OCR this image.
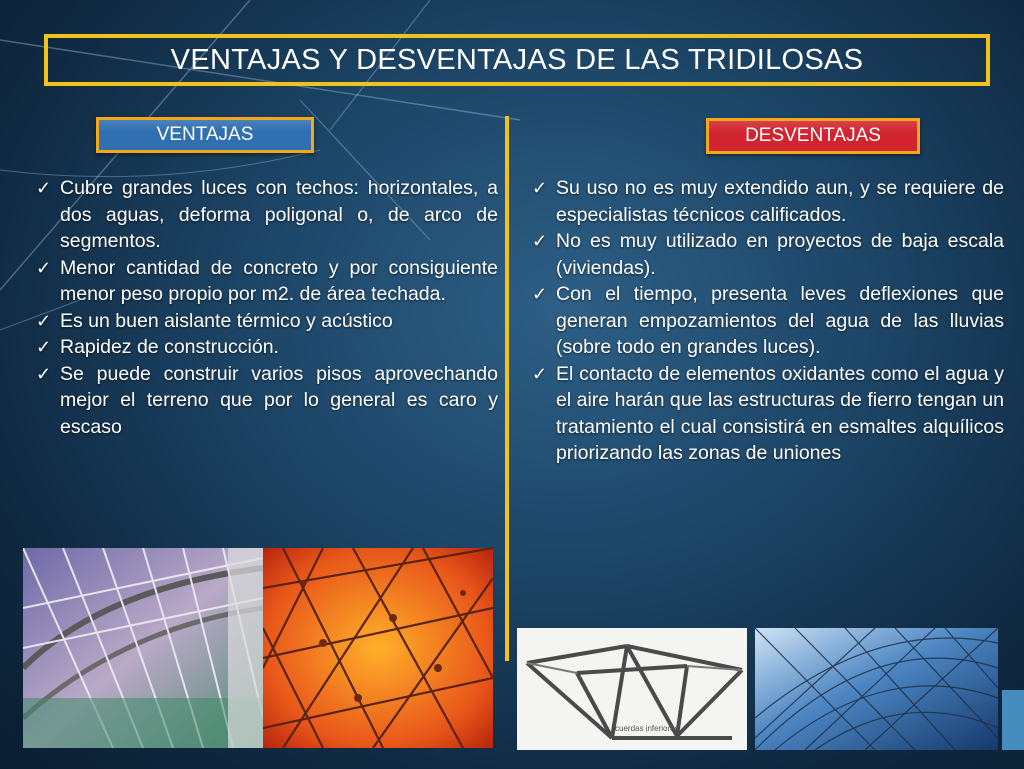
VENTAJAS Y DESVENTAJAS DE LAS TRIDILOSAS
VENTAJAS	DESVENTAJAS
✓ Cubre grandes luces con techos: horizontales, a dos aguas, deforma poligonal o, de arco de segmentos.
✓ Menor cantidad de concreto y por consiguiente menor peso propio por m2. de área techada.
✓ Es un buen aislante térmico y acústico
✓ Rapidez de construcción.
✓ Se puede construir varios pisos aprovechando mejor el terreno que por lo general es caro y escaso
✓ Su uso no es muy extendido aun, y se requiere de especialistas técnicos calificados.
✓ No es muy utilizado en proyectos de baja escala (viviendas).
✓ Con el tiempo, presenta leves deflexiones que generan empozamientos del agua de las lluvias (sobre todo en grandes luces).
✓ El contacto de elementos oxidantes como el agua y el aire harán que las estructuras de fierro tengan un tratamiento el cual consistirá en esmaltes alquílicos priorizando las zonas de uniones
cuerdas inferiores
